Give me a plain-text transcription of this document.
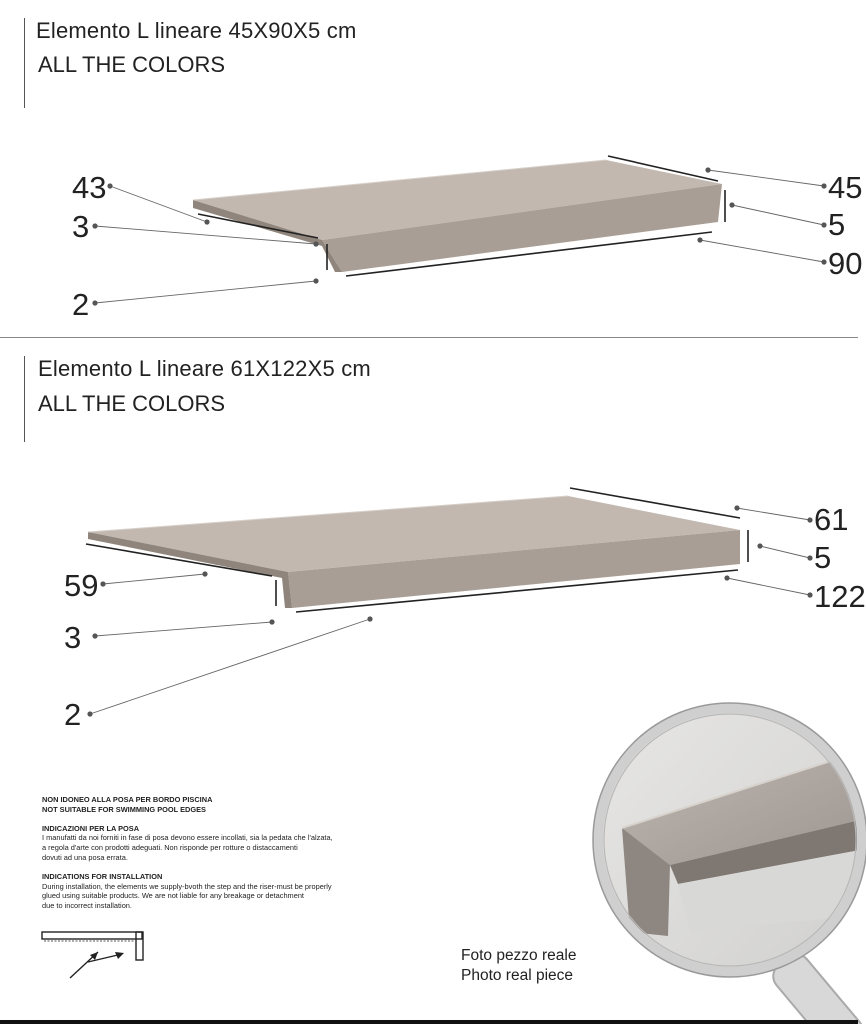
Elemento L lineare 45X90X5 cm
ALL THE COLORS
43
3
2
45
5
90
Elemento L lineare 61X122X5 cm
ALL THE COLORS
59
3
2
61
5
122
NON IDONEO ALLA POSA PER BORDO PISCINA
NOT SUITABLE FOR SWIMMING POOL EDGES
INDICAZIONI PER LA POSA
I manufatti da noi forniti in fase di posa devono essere incollati, sia la pedata che l'alzata,
a regola d'arte con prodotti adeguati. Non risponde per rotture o distaccamenti
dovuti ad una posa errata.
INDICATIONS FOR INSTALLATION
During installation, the elements we supply-bvoth the step and the riser-must be properly
glued using suitable products. We are not liable for any breakage or detachment
due to incorrect installation.
Foto pezzo reale
Photo real piece
